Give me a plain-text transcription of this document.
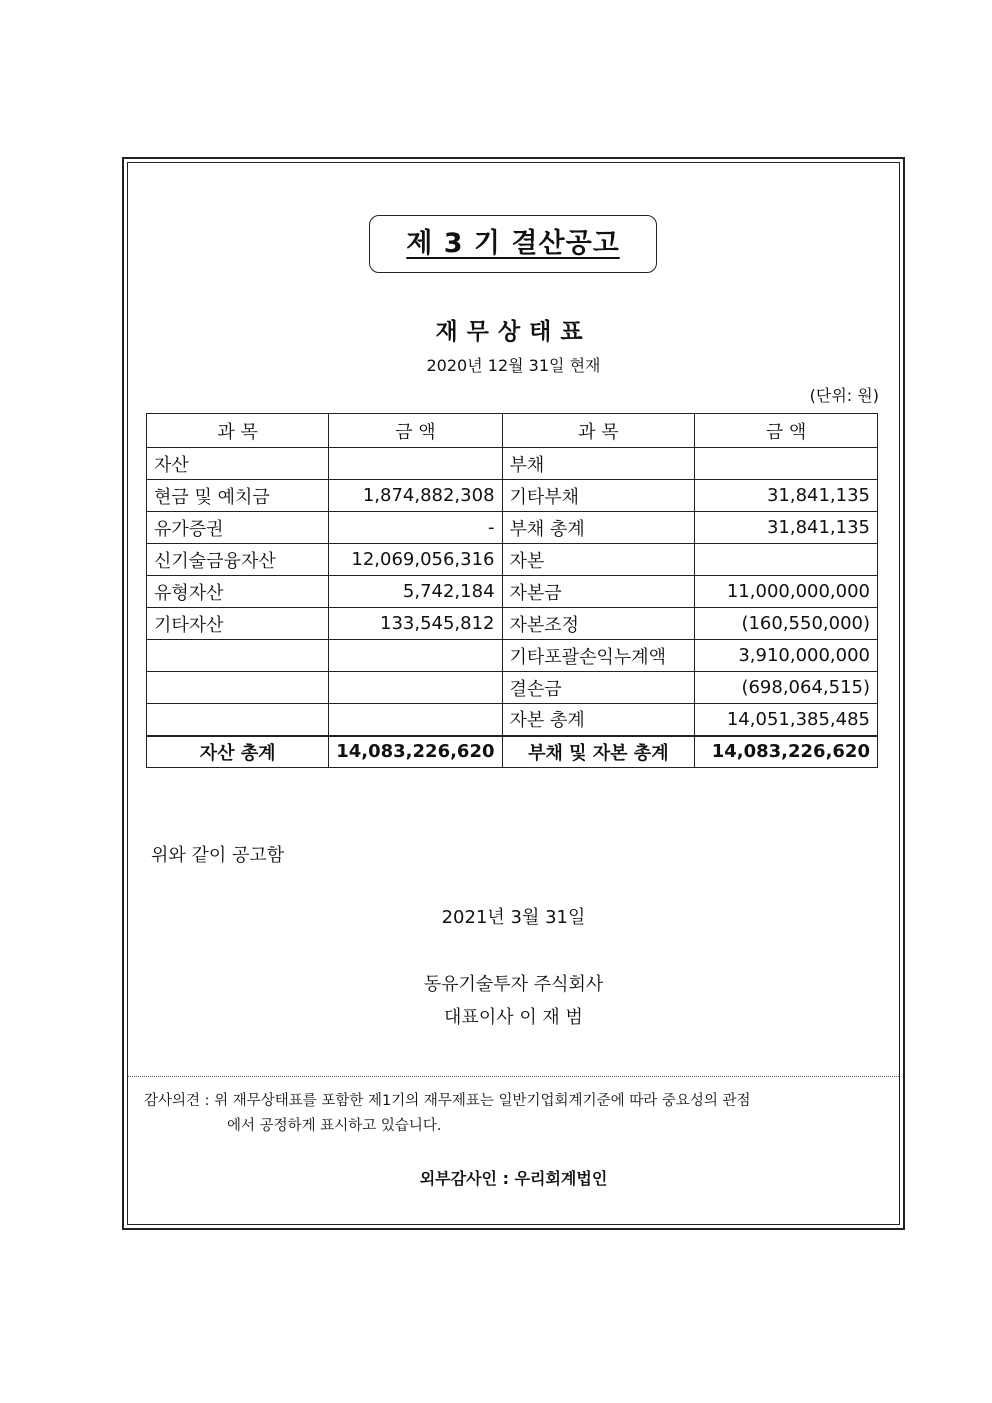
제 3 기 결산공고
재무상태표
2020년 12월 31일 현재
(단위: 원)
과 목	금 액	과 목	금 액
자산		부채	
현금 및 예치금	1,874,882,308	기타부채	31,841,135
유가증권	-	부채 총계	31,841,135
신기술금융자산	12,069,056,316	자본	
유형자산	5,742,184	자본금	11,000,000,000
기타자산	133,545,812	자본조정	(160,550,000)
		기타포괄손익누계액	3,910,000,000
		결손금	(698,064,515)
		자본 총계	14,051,385,485
자산 총계	14,083,226,620	부채 및 자본 총계	14,083,226,620
위와 같이 공고함
2021년 3월 31일
동유기술투자 주식회사
대표이사 이 재 범
감사의견 : 위 재무상태표를 포함한 제1기의 재무제표는 일반기업회계기준에 따라 중요성의 관점
에서 공정하게 표시하고 있습니다.
외부감사인 : 우리회계법인
